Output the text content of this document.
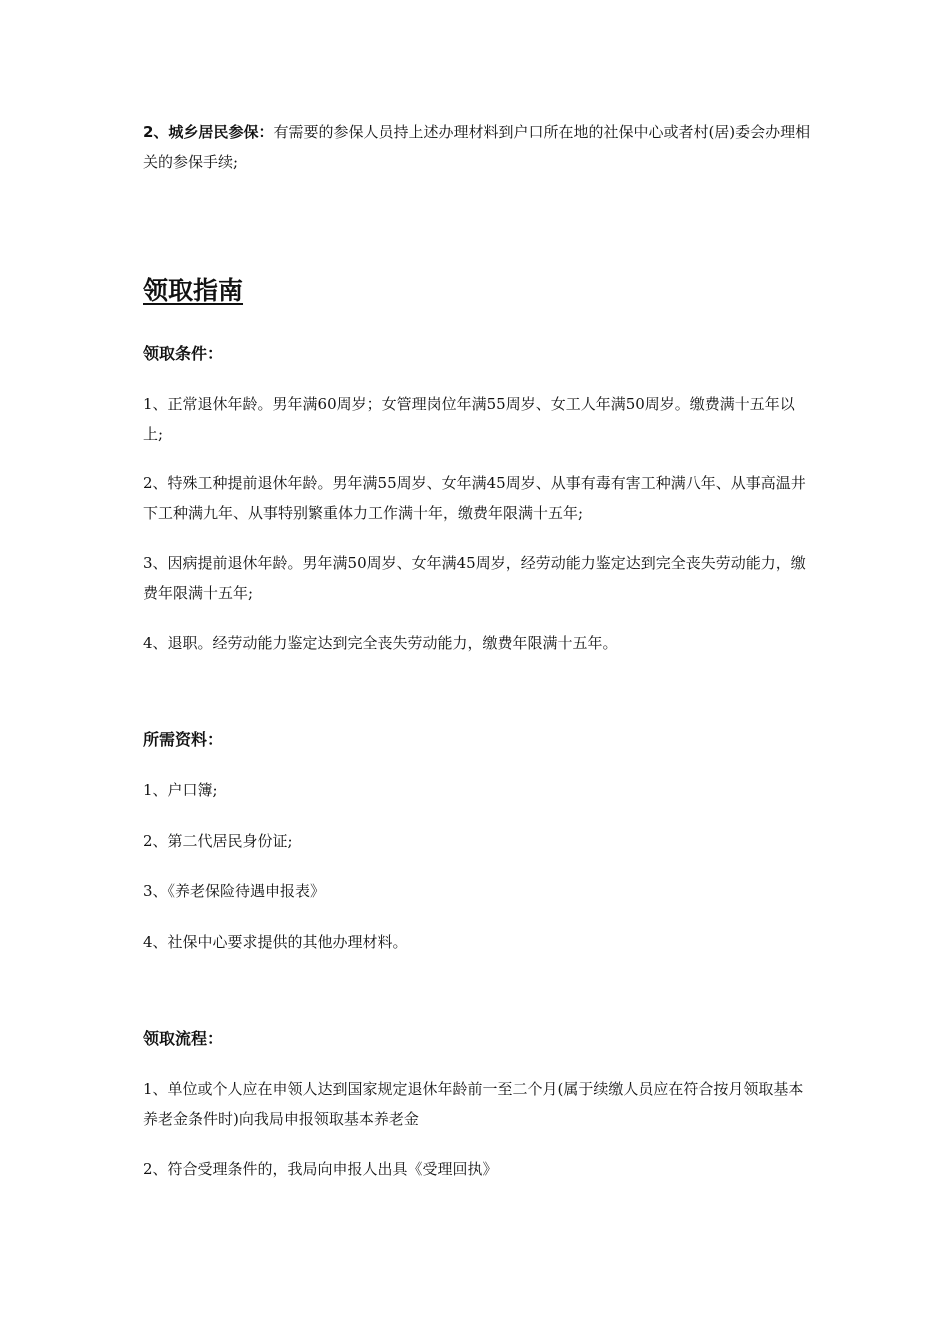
2、城乡居民参保：有需要的参保人员持上述办理材料到户口所在地的社保中心或者村(居)委会办理相关的参保手续;

领取指南
领取条件：

1、正常退休年龄。男年满60周岁；女管理岗位年满55周岁、女工人年满50周岁。缴费满十五年以上;

2、特殊工种提前退休年龄。男年满55周岁、女年满45周岁、从事有毒有害工种满八年、从事高温井下工种满九年、从事特别繁重体力工作满十年，缴费年限满十五年;

3、因病提前退休年龄。男年满50周岁、女年满45周岁，经劳动能力鉴定达到完全丧失劳动能力，缴费年限满十五年;

4、退职。经劳动能力鉴定达到完全丧失劳动能力，缴费年限满十五年。

所需资料：

1、户口簿;

2、第二代居民身份证;

3、《养老保险待遇申报表》

4、社保中心要求提供的其他办理材料。

领取流程：

1、单位或个人应在申领人达到国家规定退休年龄前一至二个月(属于续缴人员应在符合按月领取基本养老金条件时)向我局申报领取基本养老金

2、符合受理条件的，我局向申报人出具《受理回执》
